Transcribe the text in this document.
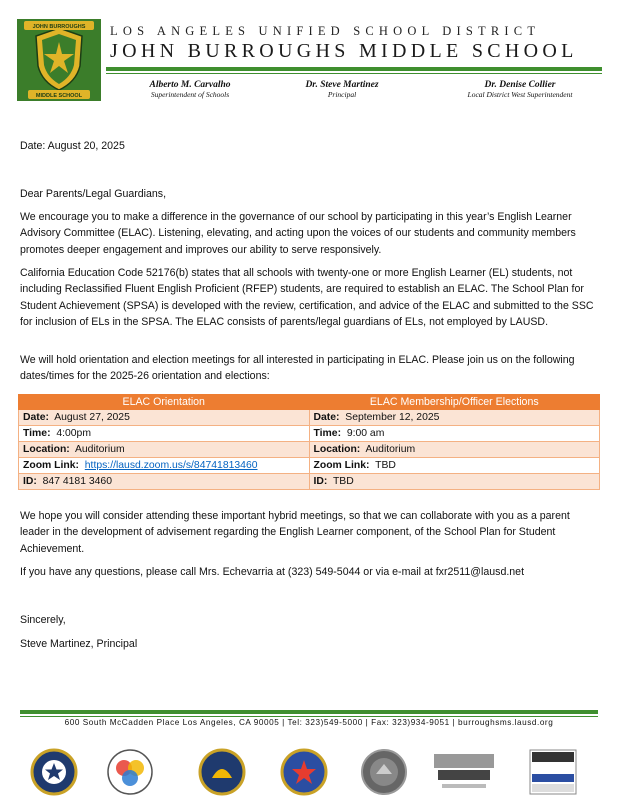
JOHN BURROUGHS
MIDDLE SCHOOL
LOS ANGELES UNIFIED SCHOOL DISTRICT
JOHN BURROUGHS MIDDLE SCHOOL
Alberto M. Carvalho
Superintendent of Schools
Dr. Steve Martinez
Principal
Dr. Denise Collier
Local District West Superintendent
Date: August 20, 2025
Dear Parents/Legal Guardians,
We encourage you to make a difference in the governance of our school by participating in this year’s English Learner Advisory Committee (ELAC). Listening, elevating, and acting upon the voices of our students and community members promotes deeper engagement and improves our ability to serve responsively.
California Education Code 52176(b) states that all schools with twenty-one or more English Learner (EL) students, not including Reclassified Fluent English Proficient (RFEP) students, are required to establish an ELAC. The School Plan for Student Achievement (SPSA) is developed with the review, certification, and advice of the ELAC and submitted to the SSC for inclusion of ELs in the SPSA. The ELAC consists of parents/legal guardians of ELs, not employed by LAUSD.
We will hold orientation and election meetings for all interested in participating in ELAC. Please join us on the following dates/times for the 2025-26 orientation and elections:
ELAC Orientation	ELAC Membership/Officer Elections
Date: August 27, 2025	Date: September 12, 2025
Time: 4:00pm	Time: 9:00 am
Location: Auditorium	Location: Auditorium
Zoom Link: https://lausd.zoom.us/s/84741813460	Zoom Link: TBD
ID: 847 4181 3460	ID: TBD
We hope you will consider attending these important hybrid meetings, so that we can collaborate with you as a parent leader in the development of advisement regarding the English Learner component, of the School Plan for Student Achievement.
If you have any questions, please call Mrs. Echevarria at (323) 549-5044 or via e-mail at fxr2511@lausd.net
Sincerely,
Steve Martinez, Principal
600 South McCadden Place Los Angeles, CA 90005 | Tel: 323)549-5000 | Fax: 323)934-9051 | burroughsms.lausd.org
